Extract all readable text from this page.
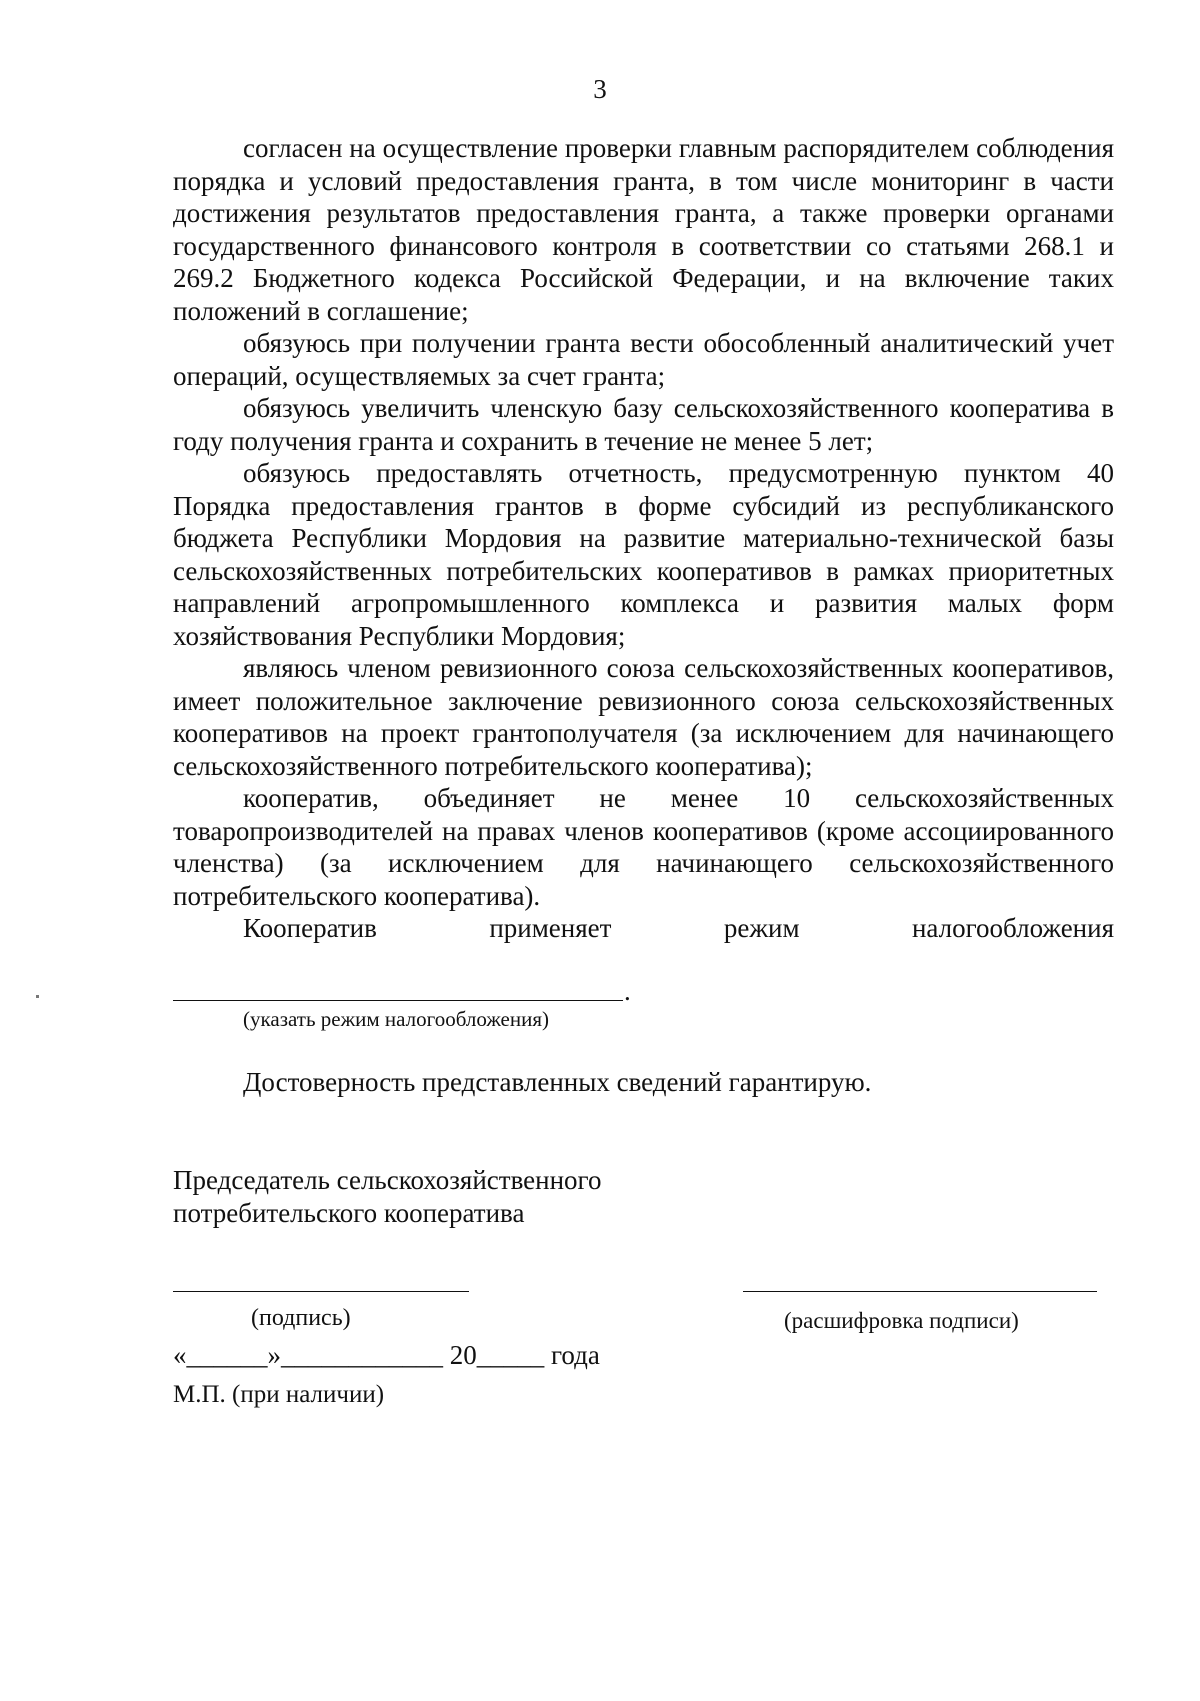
3

согласен на осуществление проверки главным распорядителем соблюдения порядка и условий предоставления гранта, в том числе мониторинг в части достижения результатов предоставления гранта, а также проверки органами государственного финансового контроля в соответствии со статьями 268.1 и 269.2 Бюджетного кодекса Российской Федерации, и на включение таких положений в соглашение;

обязуюсь при получении гранта вести обособленный аналитический учет операций, осуществляемых за счет гранта;

обязуюсь увеличить членскую базу сельскохозяйственного кооператива в году получения гранта и сохранить в течение не менее 5 лет;

обязуюсь предоставлять отчетность, предусмотренную пунктом 40 Порядка предоставления грантов в форме субсидий из республиканского бюджета Республики Мордовия на развитие материально-технической базы сельскохозяйственных потребительских кооперативов в рамках приоритетных направлений агропромышленного комплекса и развития малых форм хозяйствования Республики Мордовия;

являюсь членом ревизионного союза сельскохозяйственных кооперативов, имеет положительное заключение ревизионного союза сельскохозяйственных кооперативов на проект грантополучателя (за исключением для начинающего сельскохозяйственного потребительского кооператива);

кооператив, объединяет не менее 10 сельскохозяйственных товаропроизводителей на правах членов кооперативов (кроме ассоциированного членства) (за исключением для начинающего сельскохозяйственного потребительского кооператива).

Кооператив применяет режим налогообложения

.
(указать режим налогообложения)
Достоверность представленных сведений гарантирую.
Председатель сельскохозяйственного
потребительского кооператива
(подпись)	(расшифровка подписи)
«______»____________ 20_____ года
М.П. (при наличии)
